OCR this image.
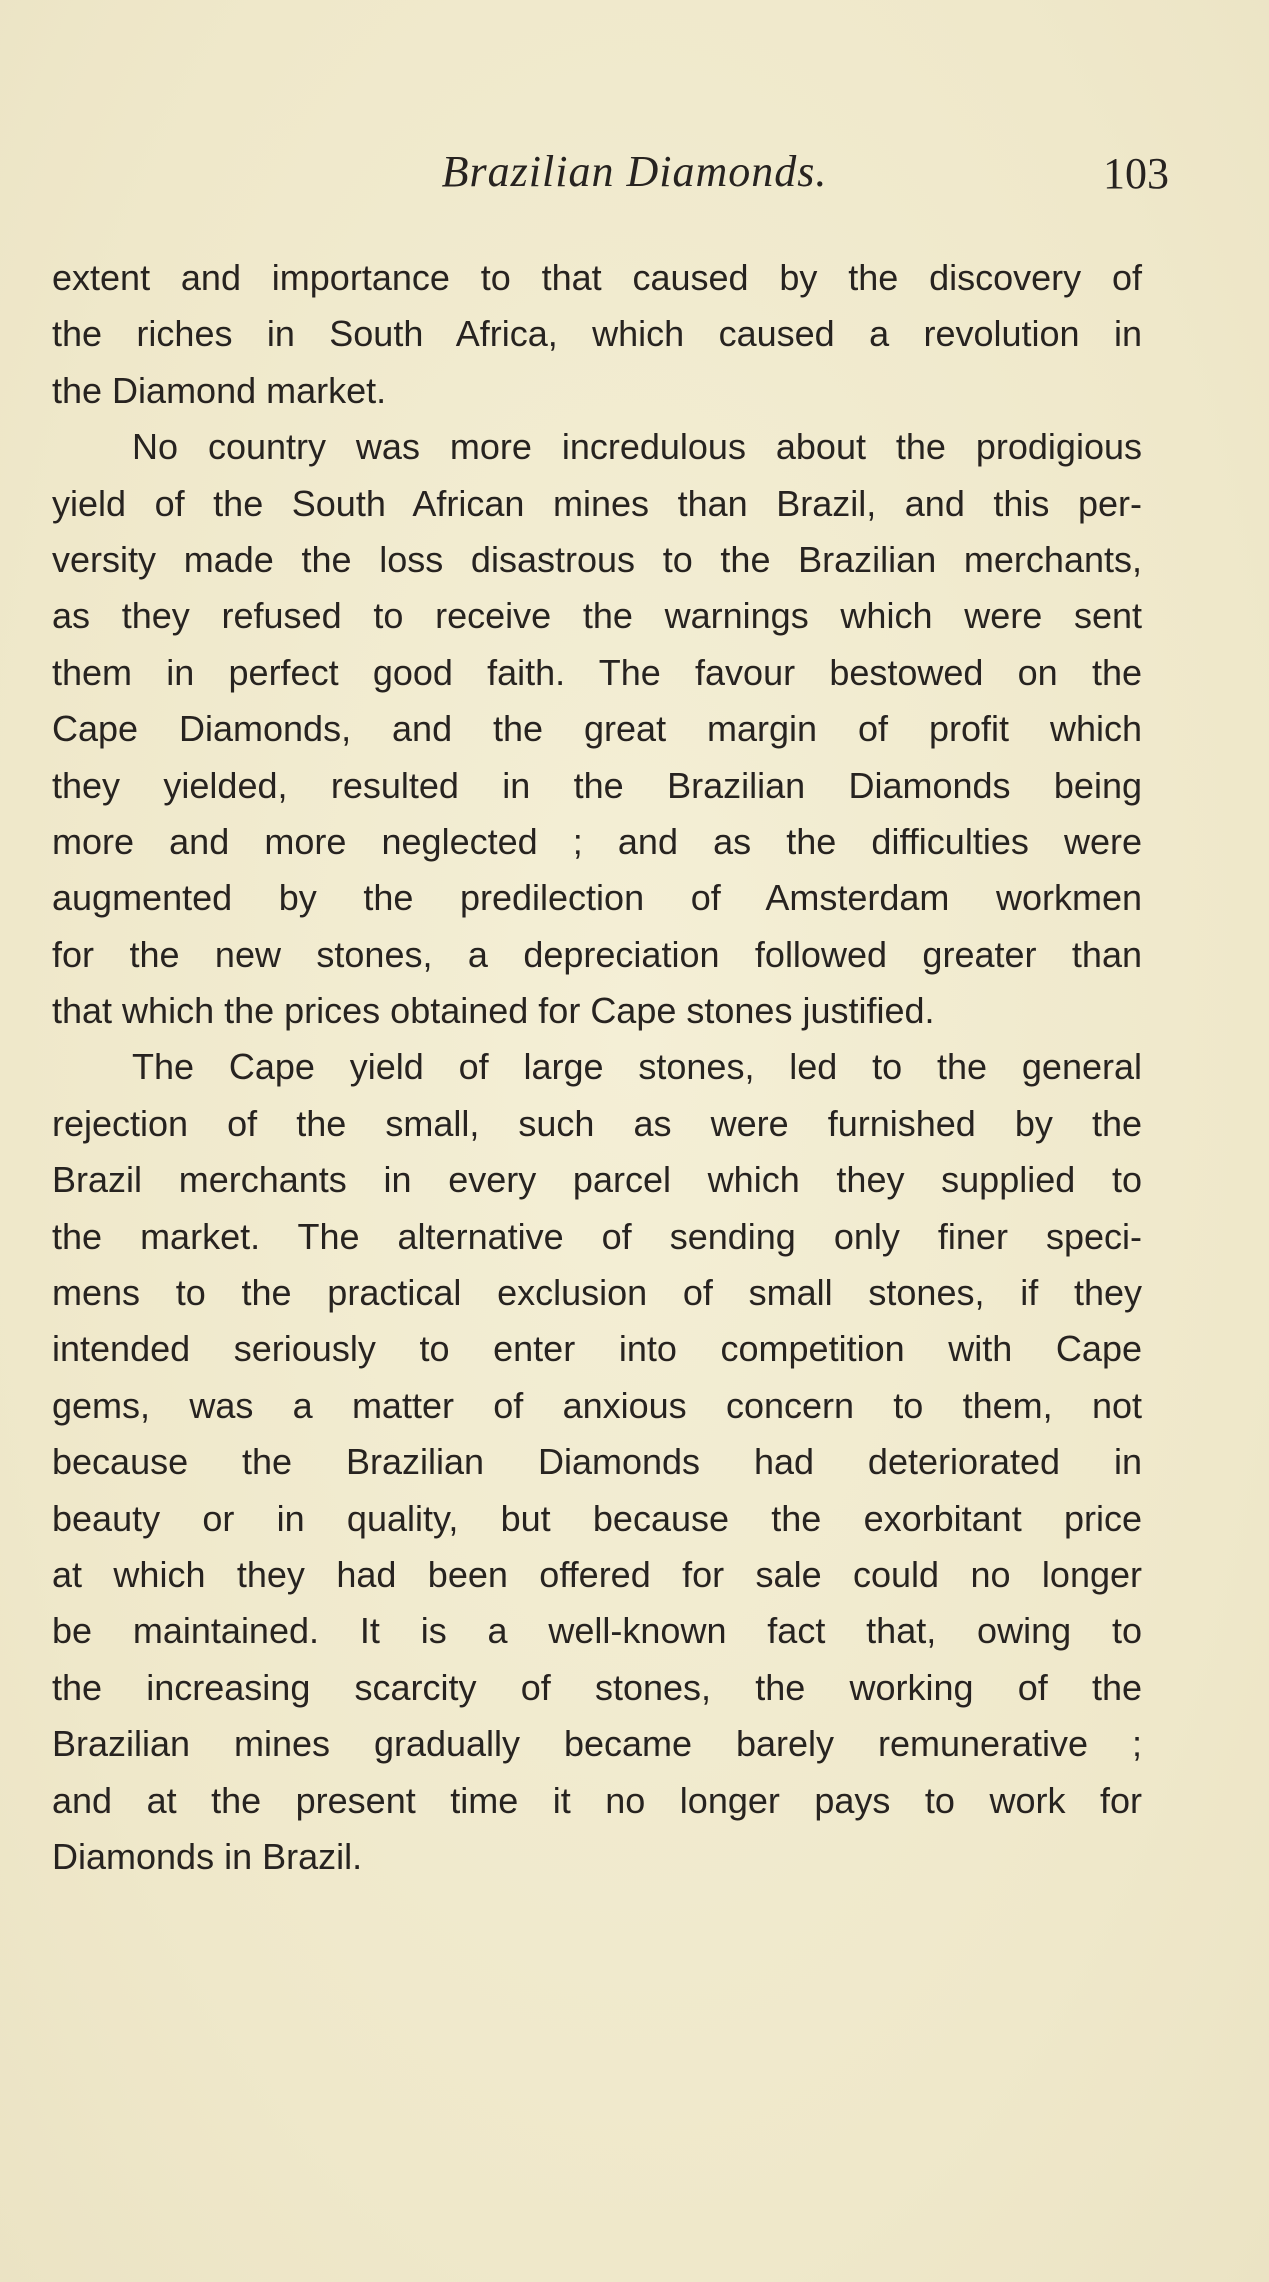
Brazilian Diamonds.	103
extent and importance to that caused by the discovery of
the riches in South Africa, which caused a revolution in
the Diamond market.
No country was more incredulous about the prodigious
yield of the South African mines than Brazil, and this per-
versity made the loss disastrous to the Brazilian merchants,
as they refused to receive the warnings which were sent
them in perfect good faith. The favour bestowed on the
Cape Diamonds, and the great margin of profit which
they yielded, resulted in the Brazilian Diamonds being
more and more neglected ; and as the difficulties were
augmented by the predilection of Amsterdam workmen
for the new stones, a depreciation followed greater than
that which the prices obtained for Cape stones justified.
The Cape yield of large stones, led to the general
rejection of the small, such as were furnished by the
Brazil merchants in every parcel which they supplied to
the market. The alternative of sending only finer speci-
mens to the practical exclusion of small stones, if they
intended seriously to enter into competition with Cape
gems, was a matter of anxious concern to them, not
because the Brazilian Diamonds had deteriorated in
beauty or in quality, but because the exorbitant price
at which they had been offered for sale could no longer
be maintained. It is a well-known fact that, owing to
the increasing scarcity of stones, the working of the
Brazilian mines gradually became barely remunerative ;
and at the present time it no longer pays to work for
Diamonds in Brazil.
